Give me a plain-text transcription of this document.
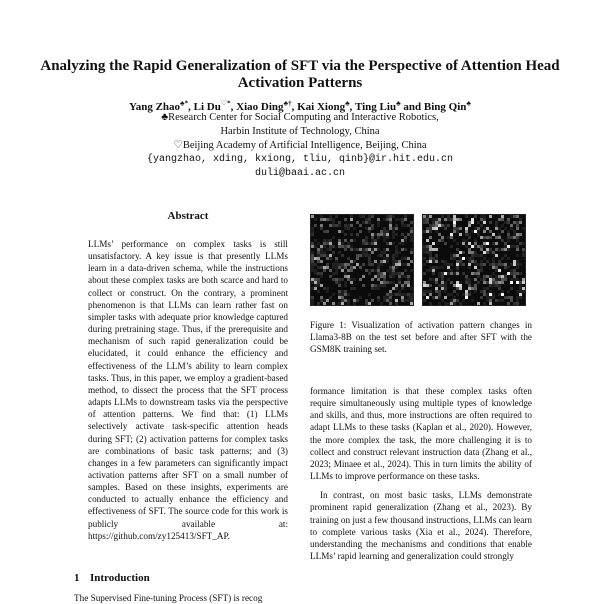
Analyzing the Rapid Generalization of SFT via the Perspective of Attention Head Activation Patterns
Yang Zhao♣*, Li Du♡*, Xiao Ding♣†, Kai Xiong♣, Ting Liu♣ and Bing Qin♣
♣Research Center for Social Computing and Interactive Robotics,
Harbin Institute of Technology, China
♡Beijing Academy of Artificial Intelligence, Beijing, China
{yangzhao, xding, kxiong, tliu, qinb}@ir.hit.edu.cn
duli@baai.ac.cn
Abstract
LLMs’ performance on complex tasks is still unsatisfactory. A key issue is that presently LLMs learn in a data-driven schema, while the instructions about these complex tasks are both scarce and hard to collect or construct. On the contrary, a prominent phenomenon is that LLMs can learn rather fast on simpler tasks with adequate prior knowledge captured during pretraining stage. Thus, if the prerequisite and mechanism of such rapid generalization could be elucidated, it could enhance the efficiency and effectiveness of the LLM’s ability to learn complex tasks. Thus, in this paper, we employ a gradient-based method, to dissect the process that the SFT process adapts LLMs to downstream tasks via the perspective of attention patterns. We find that: (1) LLMs selectively activate task-specific attention heads during SFT; (2) activation patterns for complex tasks are combinations of basic task patterns; and (3) changes in a few parameters can significantly impact activation patterns after SFT on a small number of samples. Based on these insights, experiments are conducted to actually enhance the efficiency and effectiveness of SFT. The source code for this work is publicly available at: https://github.com/zy125413/SFT_AP.
1 Introduction
The Supervised Fine-tuning Process (SFT) is recog
· · · · · · · · · · · · · ·	· · · · · · · · · · · · · ·
Figure 1: Visualization of activation pattern changes in Llama3-8B on the test set before and after SFT with the GSM8K training set.

formance limitation is that these complex tasks often require simultaneously using multiple types of knowledge and skills, and thus, more instructions are often required to adapt LLMs to these tasks (Kaplan et al., 2020). However, the more complex the task, the more challenging it is to collect and construct relevant instruction data (Zhang et al., 2023; Minaee et al., 2024). This in turn limits the ability of LLMs to improve performance on these tasks.

In contrast, on most basic tasks, LLMs demonstrate prominent rapid generalization (Zhang et al., 2023). By training on just a few thousand instructions, LLMs can learn to complete various tasks (Xia et al., 2024). Therefore, understanding the mechanisms and conditions that enable LLMs’ rapid learning and generalization could strongly
